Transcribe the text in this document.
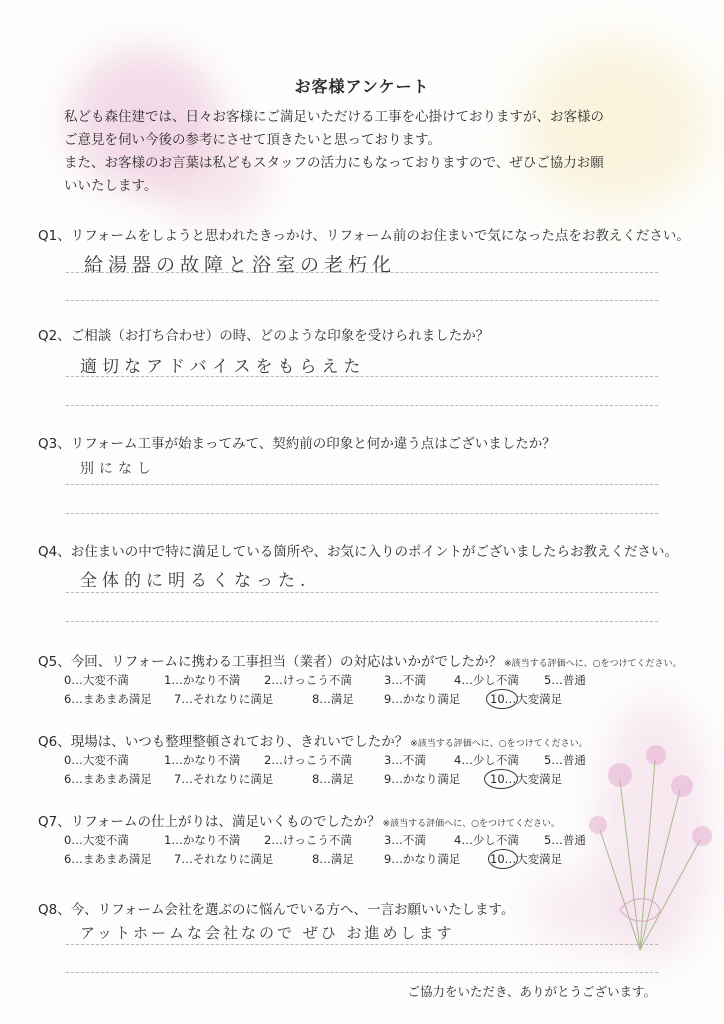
お客様アンケート
私ども森住建では、日々お客様にご満足いただける工事を心掛けておりますが、お客様の
ご意見を伺い今後の参考にさせて頂きたいと思っております。
また、お客様のお言葉は私どもスタッフの活力にもなっておりますので、ぜひご協力お願
いいたします。
Q1、リフォームをしようと思われたきっかけ、リフォーム前のお住まいで気になった点をお教えください。
給湯器の故障と浴室の老朽化
Q2、ご相談（お打ち合わせ）の時、どのような印象を受けられましたか？
適切なアドバイスをもらえた
Q3、リフォーム工事が始まってみて、契約前の印象と何か違う点はございましたか？
別になし
Q4、お住まいの中で特に満足している箇所や、お気に入りのポイントがございましたらお教えください。
全体的に明るくなった.
Q5、今回、リフォームに携わる工事担当（業者）の対応はいかがでしたか？ ※該当する評価へに、○をつけてください。
0…大変不満	1…かなり不満 2…けっこう不満	3…不満 4…少し不満 5…普通
6…まあまあ満足 7…それなりに満足	8…満足	9…かなり満足	10…大変満足
Q6、現場は、いつも整理整頓されており、きれいでしたか？ ※該当する評価へに、○をつけてください。
0…大変不満	1…かなり不満 2…けっこう不満	3…不満 4…少し不満 5…普通
6…まあまあ満足 7…それなりに満足	8…満足	9…かなり満足	10…大変満足
Q7、リフォームの仕上がりは、満足いくものでしたか？ ※該当する評価へに、○をつけてください。
0…大変不満	1…かなり不満 2…けっこう不満	3…不満 4…少し不満 5…普通
6…まあまあ満足 7…それなりに満足	8…満足	9…かなり満足	10…大変満足
Q8、今、リフォーム会社を選ぶのに悩んでいる方へ、一言お願いいたします。
アットホームな会社なので ぜひ お進めします
ご協力をいただき、ありがとうございます。
